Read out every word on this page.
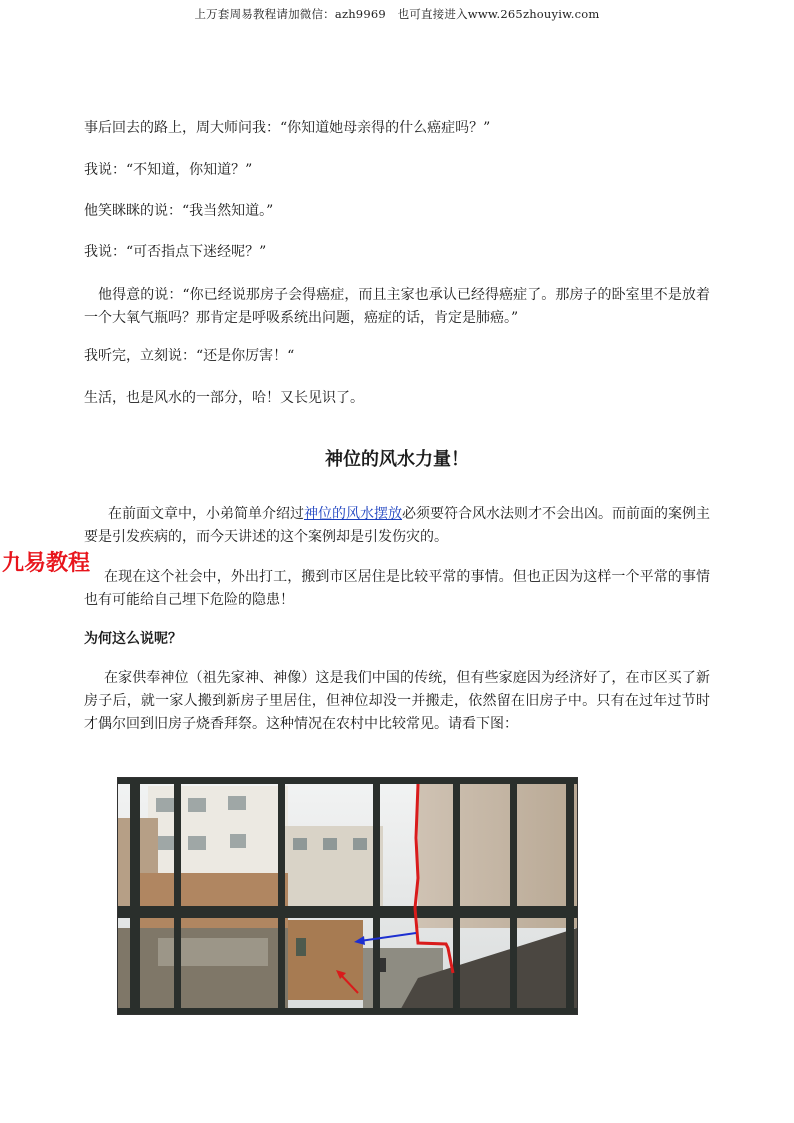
上万套周易教程请加微信：azh9969　也可直接进入www.265zhouyiw.com

事后回去的路上，周大师问我：“你知道她母亲得的什么癌症吗？”

我说：“不知道，你知道？”

他笑眯眯的说：“我当然知道。”

我说：“可否指点下迷经呢？”

他得意的说：“你已经说那房子会得癌症，而且主家也承认已经得癌症了。那房子的卧室里不是放着一个大氧气瓶吗？那肯定是呼吸系统出问题，癌症的话，肯定是肺癌。”

我听完，立刻说：“还是你厉害！“

生活，也是风水的一部分，哈！又长见识了。

神位的风水力量！

在前面文章中，小弟简单介绍过神位的风水摆放必须要符合风水法则才不会出凶。而前面的案例主要是引发疾病的，而今天讲述的这个案例却是引发伤灾的。

在现在这个社会中，外出打工，搬到市区居住是比较平常的事情。但也正因为这样一个平常的事情也有可能给自己埋下危险的隐患！

为何这么说呢？

在家供奉神位（祖先家神、神像）这是我们中国的传统，但有些家庭因为经济好了，在市区买了新房子后，就一家人搬到新房子里居住，但神位却没一并搬走，依然留在旧房子中。只有在过年过节时才偶尔回到旧房子烧香拜祭。这种情况在农村中比较常见。请看下图：

九易教程
